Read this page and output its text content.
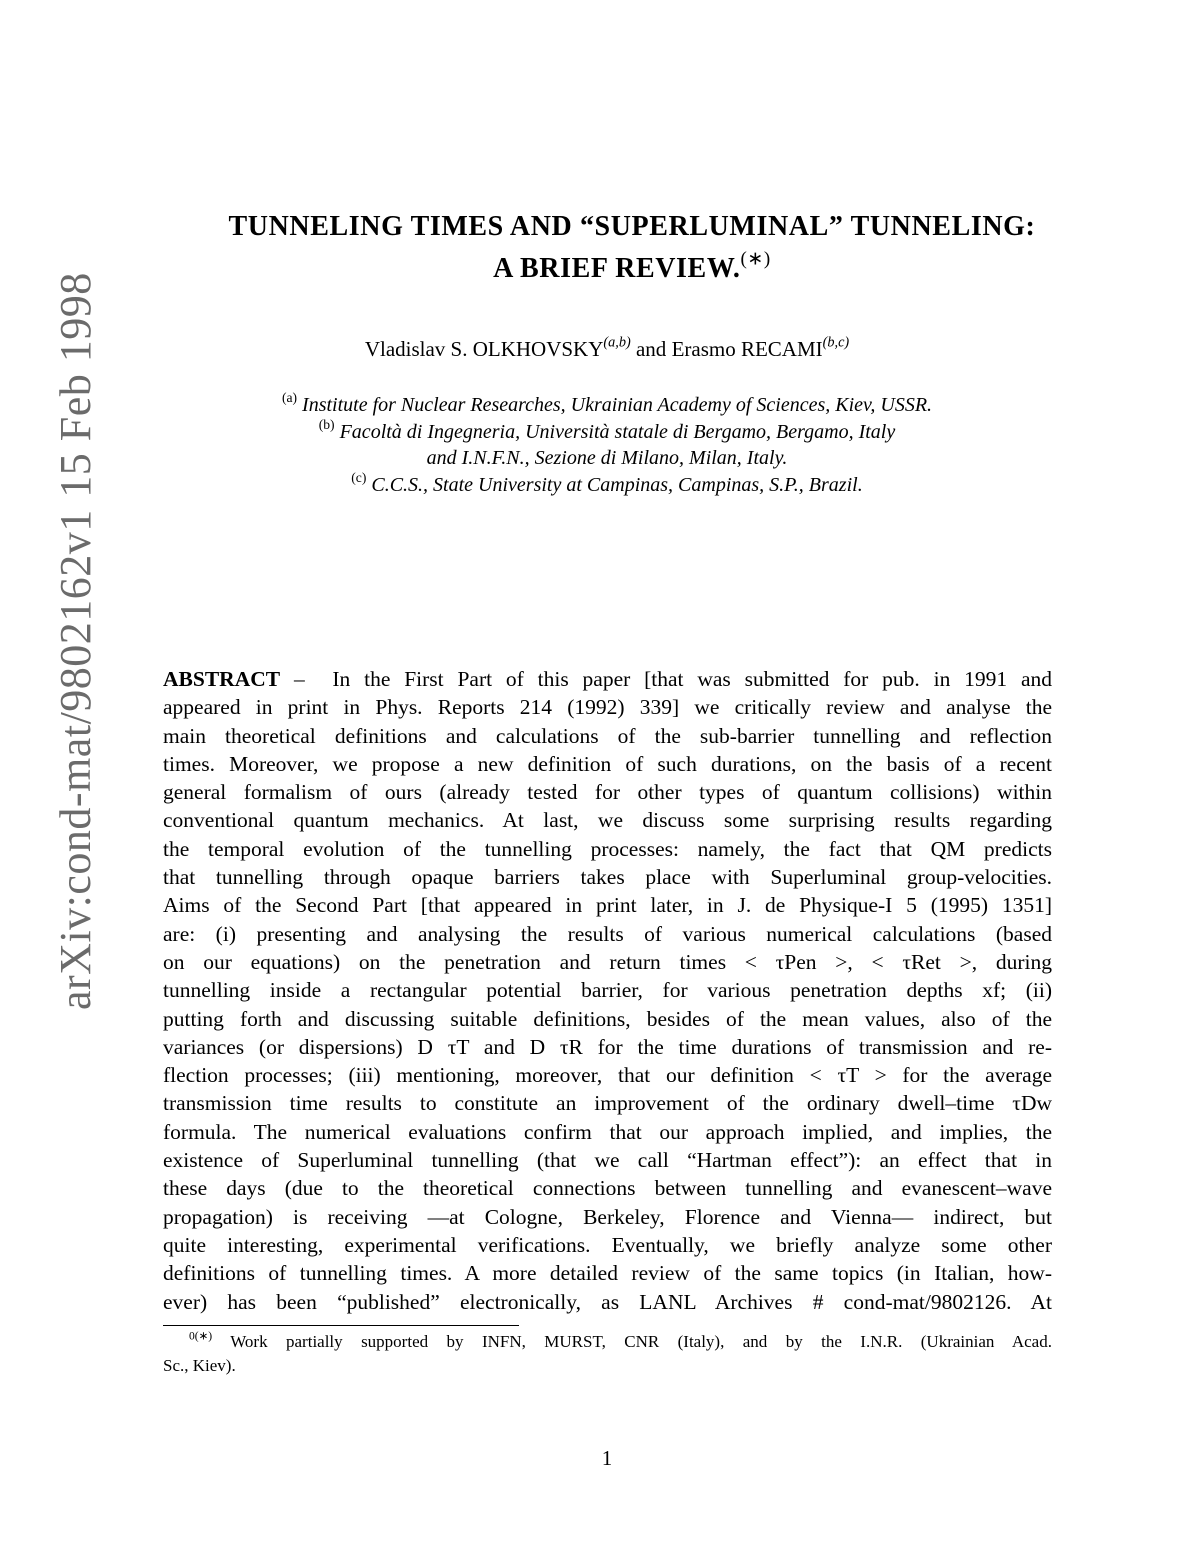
arXiv:cond-mat/9802162v1 15 Feb 1998
TUNNELING TIMES AND “SUPERLUMINAL” TUNNELING:
A BRIEF REVIEW.(∗)
Vladislav S. OLKHOVSKY$^{(a,b)}$ and Erasmo RECAMI$^{(b,c)}$
$^{(a)}$ Institute for Nuclear Researches, Ukrainian Academy of Sciences, Kiev, USSR.
$^{(b)}$ Facoltà di Ingegneria, Università statale di Bergamo, Bergamo, Italy
and I.N.F.N., Sezione di Milano, Milan, Italy.
$^{(c)}$ C.C.S., State University at Campinas, Campinas, S.P., Brazil.
ABSTRACT – In the First Part of this paper [that was submitted for pub. in 1991 and
appeared in print in Phys. Reports 214 (1992) 339] we critically review and analyse the
main theoretical definitions and calculations of the sub-barrier tunnelling and reflection
times. Moreover, we propose a new definition of such durations, on the basis of a recent
general formalism of ours (already tested for other types of quantum collisions) within
conventional quantum mechanics. At last, we discuss some surprising results regarding
the temporal evolution of the tunnelling processes: namely, the fact that QM predicts
that tunnelling through opaque barriers takes place with Superluminal group-velocities.
Aims of the Second Part [that appeared in print later, in J. de Physique-I 5 (1995) 1351]
are: (i) presenting and analysing the results of various numerical calculations (based
on our equations) on the penetration and return times < τPen >, < τRet >, during
tunnelling inside a rectangular potential barrier, for various penetration depths xf; (ii)
putting forth and discussing suitable definitions, besides of the mean values, also of the
variances (or dispersions) D τT and D τR for the time durations of transmission and re-
flection processes; (iii) mentioning, moreover, that our definition < τT > for the average
transmission time results to constitute an improvement of the ordinary dwell–time τDw
formula. The numerical evaluations confirm that our approach implied, and implies, the
existence of Superluminal tunnelling (that we call “Hartman effect”): an effect that in
these days (due to the theoretical connections between tunnelling and evanescent–wave
propagation) is receiving —at Cologne, Berkeley, Florence and Vienna— indirect, but
quite interesting, experimental verifications. Eventually, we briefly analyze some other
definitions of tunnelling times. A more detailed review of the same topics (in Italian, how-
ever) has been “published” electronically, as LANL Archives # cond-mat/9802126. At
$^{0(∗)}$ Work partially supported by INFN, MURST, CNR (Italy), and by the I.N.R. (Ukrainian Acad.
Sc., Kiev).
1
